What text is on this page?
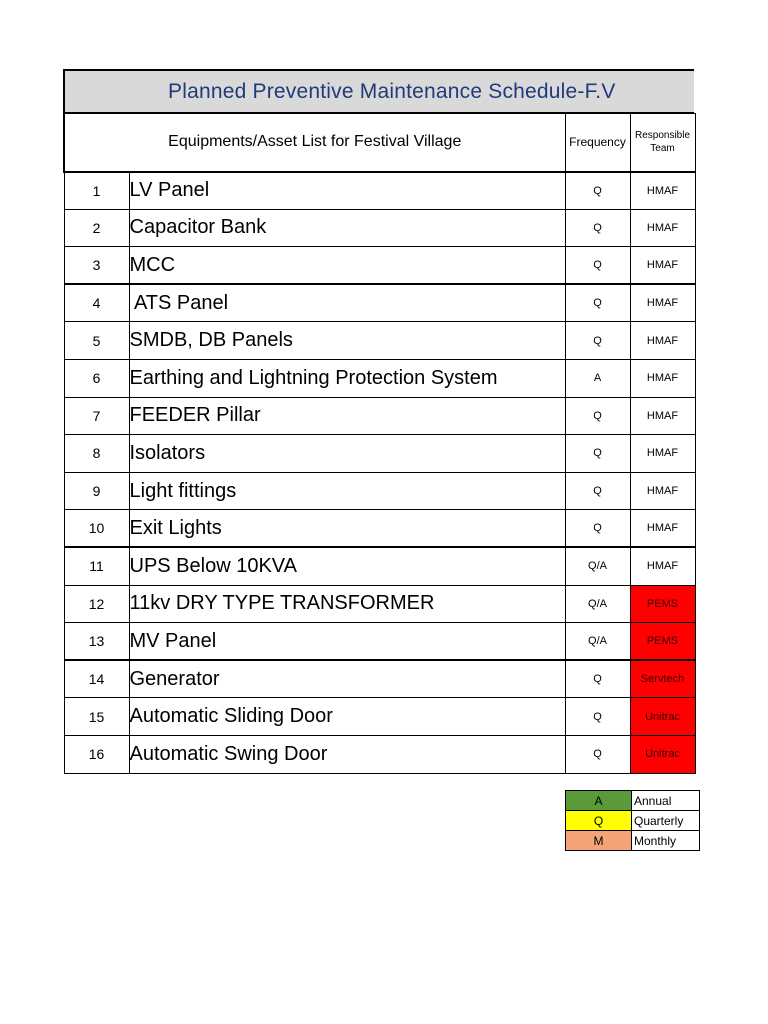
Planned Preventive Maintenance Schedule-F.V
Equipments/Asset List for Festival Village		Frequency	Responsible Team
1	LV Panel	Q	HMAF
2	Capacitor Bank	Q	HMAF
3	MCC	Q	HMAF
4	ATS Panel	Q	HMAF
5	SMDB, DB Panels	Q	HMAF
6	Earthing and Lightning Protection System	A	HMAF
7	FEEDER Pillar	Q	HMAF
8	Isolators	Q	HMAF
9	Light fittings	Q	HMAF
10	Exit Lights	Q	HMAF
11	UPS Below 10KVA	Q/A	HMAF
12	11kv DRY TYPE TRANSFORMER	Q/A	PEMS
13	MV Panel	Q/A	PEMS
14	Generator	Q	Servtech
15	Automatic Sliding Door	Q	Unitrac
16	Automatic Swing Door	Q	Unitrac
A	Annual
Q	Quarterly
M	Monthly
